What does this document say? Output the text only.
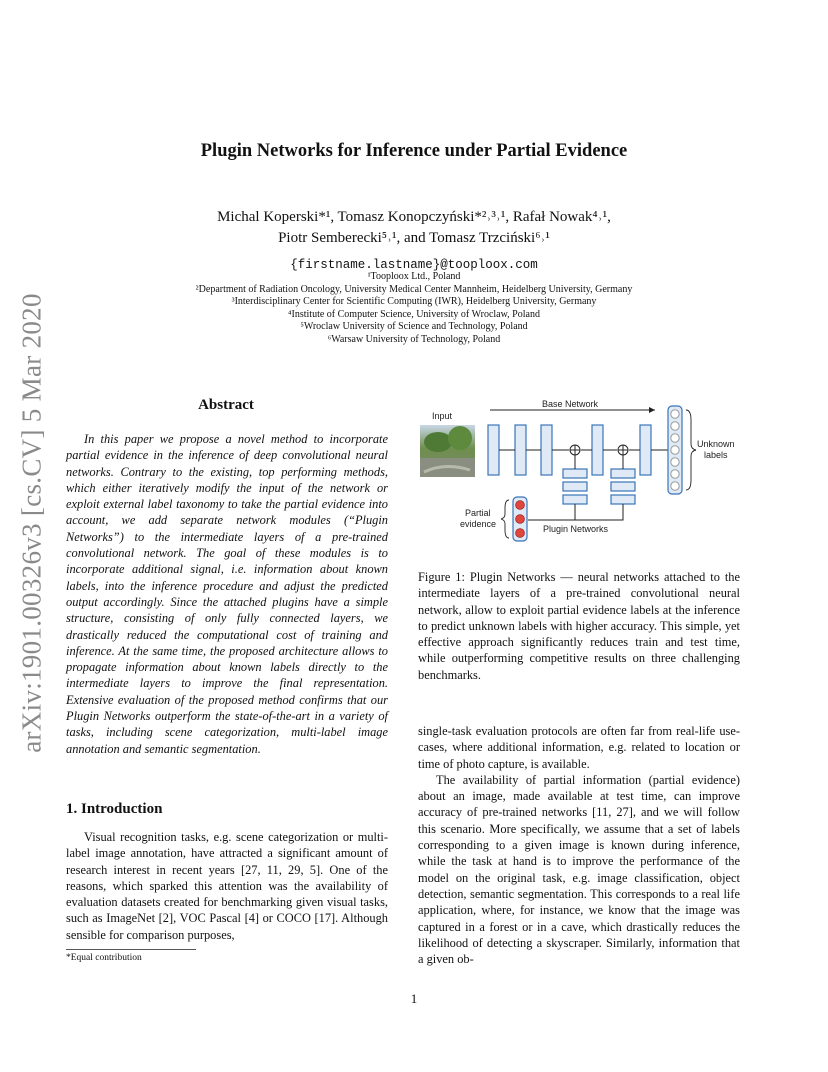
Plugin Networks for Inference under Partial Evidence
Michal Koperski*¹, Tomasz Konopczyński*²˒³˒¹, Rafał Nowak⁴˒¹,
Piotr Semberecki⁵˒¹, and Tomasz Trzciński⁶˒¹
{firstname.lastname}@tooploox.com
¹Tooploox Ltd., Poland
²Department of Radiation Oncology, University Medical Center Mannheim, Heidelberg University, Germany
³Interdisciplinary Center for Scientific Computing (IWR), Heidelberg University, Germany
⁴Institute of Computer Science, University of Wroclaw, Poland
⁵Wroclaw University of Science and Technology, Poland
⁶Warsaw University of Technology, Poland
arXiv:1901.00326v3 [cs.CV] 5 Mar 2020	Abstract

In this paper we propose a novel method to incorporate partial evidence in the inference of deep convolutional neural networks. Contrary to the existing, top performing methods, which either iteratively modify the input of the network or exploit external label taxonomy to take the partial evidence into account, we add separate network modules (“Plugin Networks”) to the intermediate layers of a pre-trained convolutional network. The goal of these modules is to incorporate additional signal, i.e. information about known labels, into the inference procedure and adjust the predicted output accordingly. Since the attached plugins have a simple structure, consisting of only fully connected layers, we drastically reduced the computational cost of training and inference. At the same time, the proposed architecture allows to propagate information about known labels directly to the intermediate layers to improve the final representation. Extensive evaluation of the proposed method confirms that our Plugin Networks outperform the state-of-the-art in a variety of tasks, including scene categorization, multi-label image annotation and semantic segmentation.

1. Introduction

Visual recognition tasks, e.g. scene categorization or multi-label image annotation, have attracted a significant amount of research interest in recent years [27, 11, 29, 5]. One of the reasons, which sparked this attention was the availability of evaluation datasets created for benchmarking given visual tasks, such as ImageNet [2], VOC Pascal [4] or COCO [17]. Although sensible for comparison purposes,

*Equal contribution
Input
Base Network
Unknown
labels
Plugin Networks
Partial
evidence

Figure 1: Plugin Networks — neural networks attached to the intermediate layers of a pre-trained convolutional neural network, allow to exploit partial evidence labels at the inference to predict unknown labels with higher accuracy. This simple, yet effective approach significantly reduces train and test time, while outperforming competitive results on three challenging benchmarks.

single-task evaluation protocols are often far from real-life use-cases, where additional information, e.g. related to location or time of photo capture, is available.

The availability of partial information (partial evidence) about an image, made available at test time, can improve accuracy of pre-trained networks [11, 27], and we will follow this scenario. More specifically, we assume that a set of labels corresponding to a given image is known during inference, while the task at hand is to improve the performance of the model on the original task, e.g. image classification, object detection, semantic segmentation. This corresponds to a real life application, where, for instance, we know that the image was captured in a forest or in a cave, which drastically reduces the likelihood of detecting a skyscraper. Similarly, information that a given ob-

1
